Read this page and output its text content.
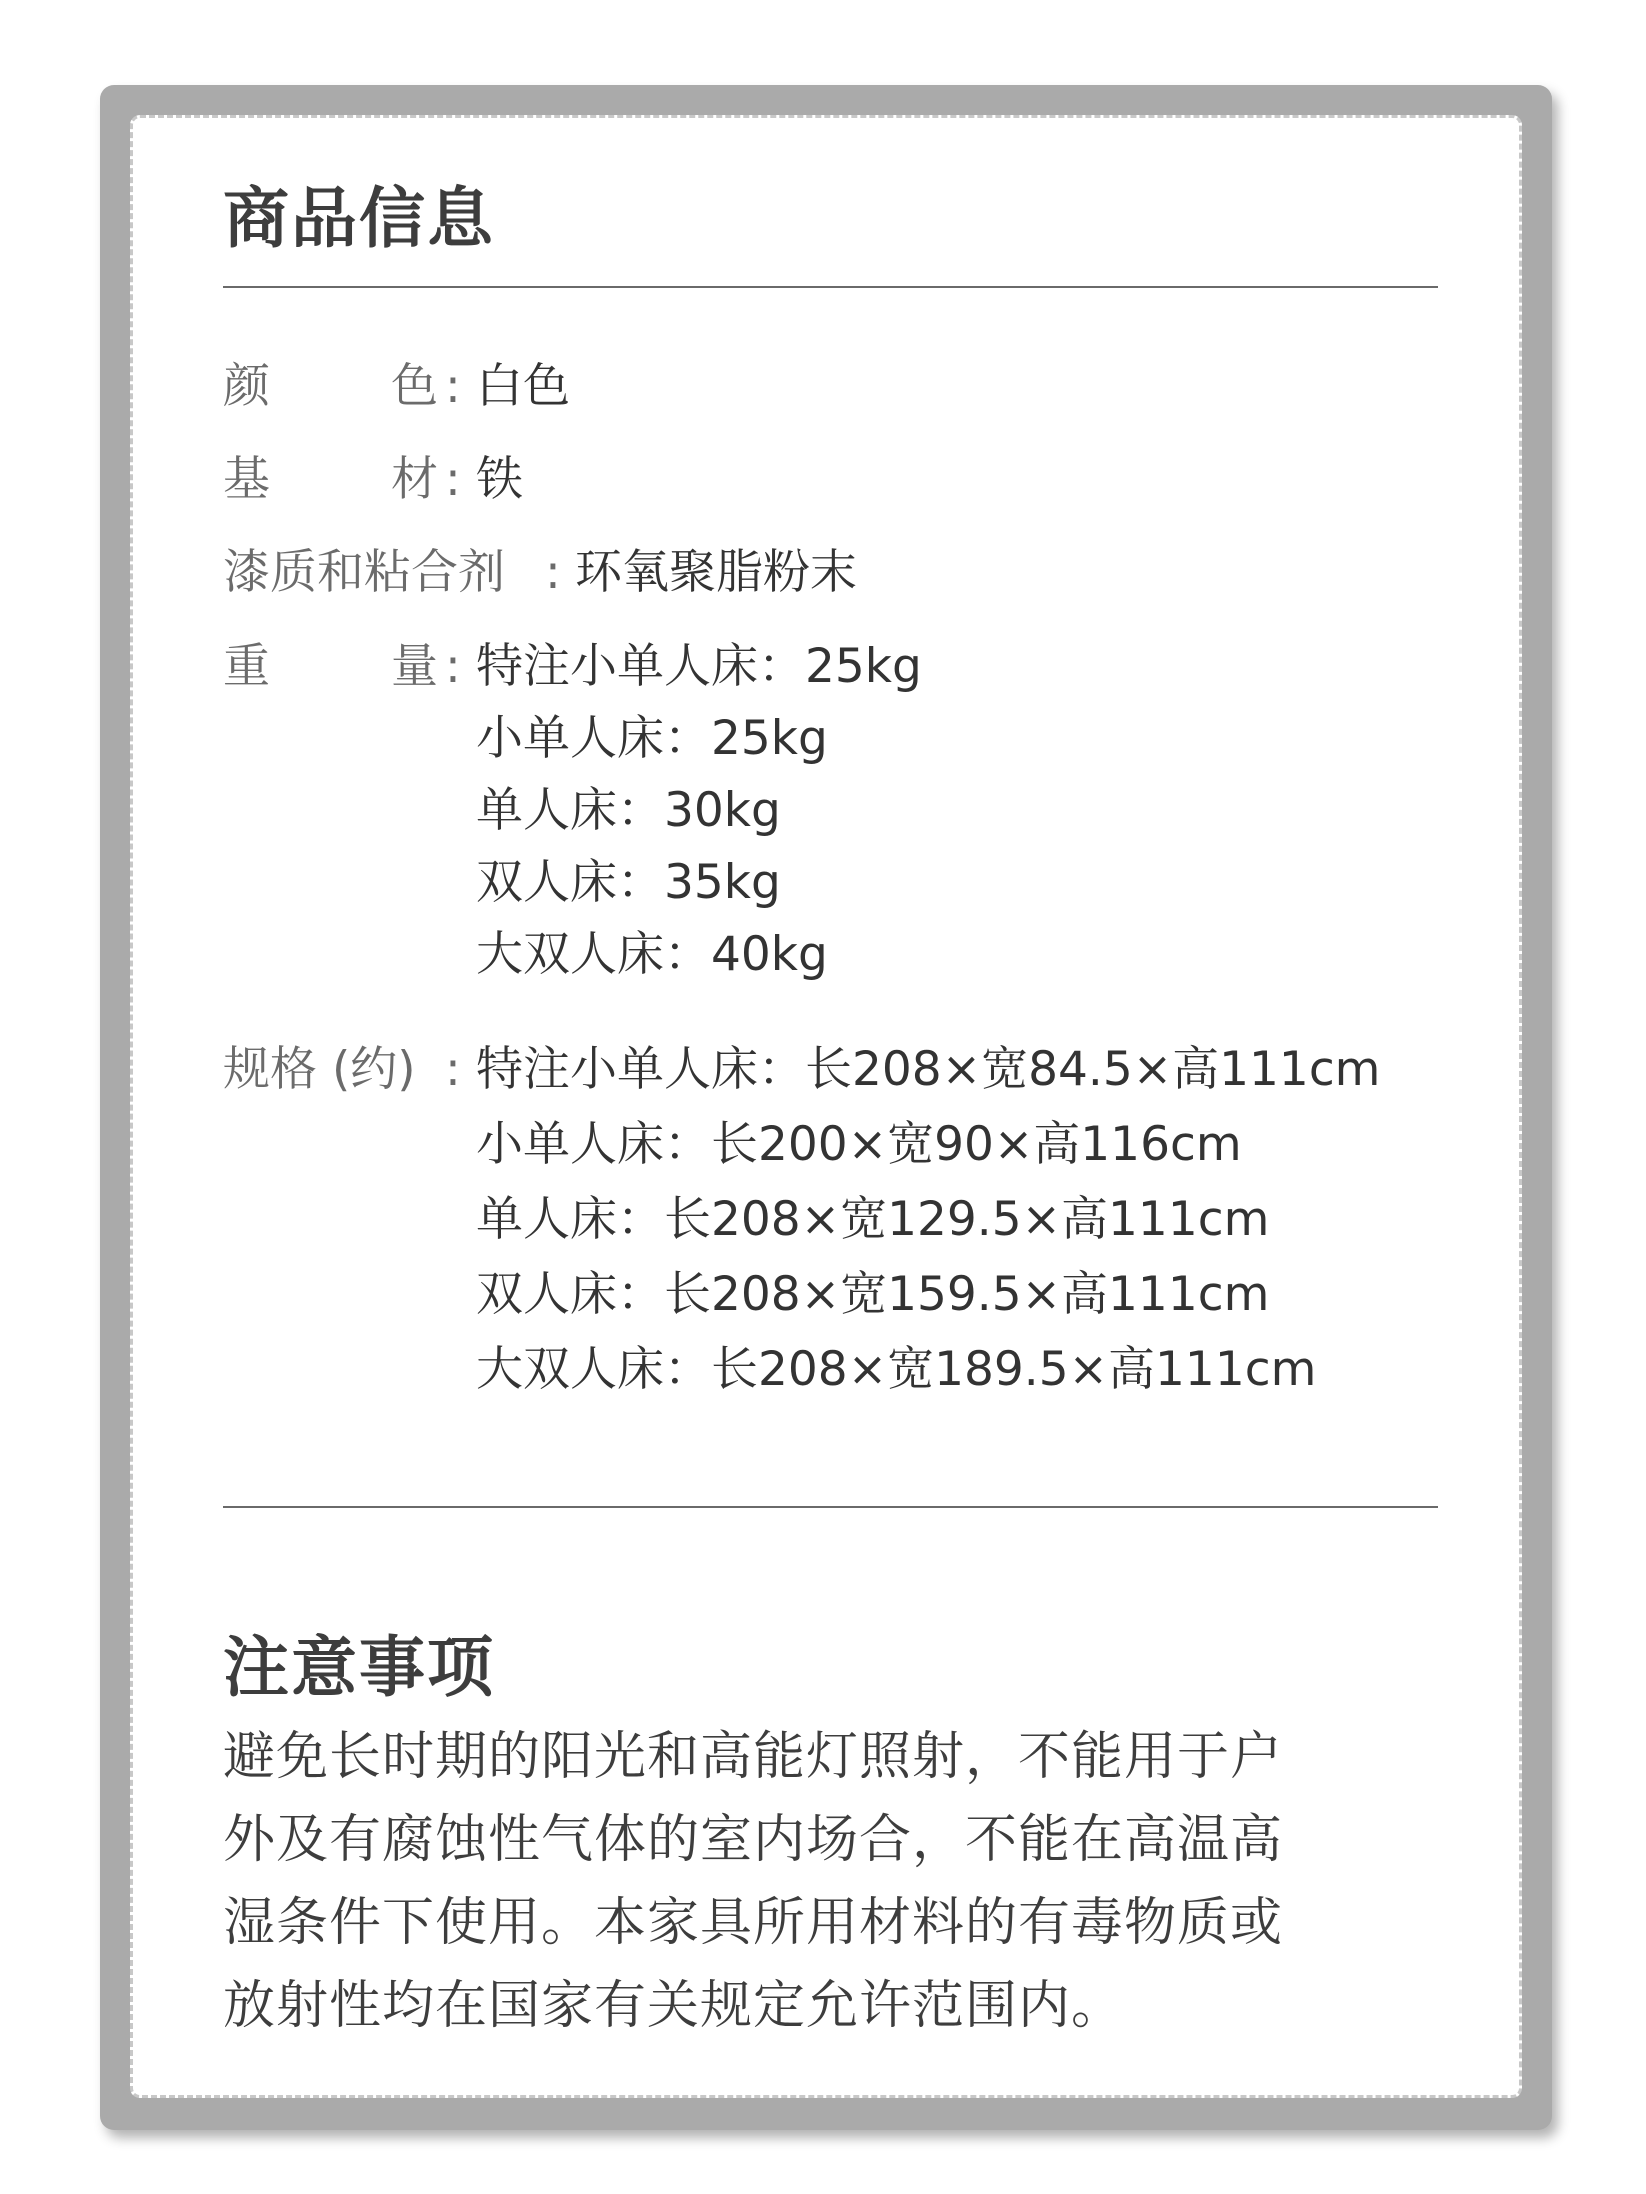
商品信息
颜	色 : 白色
基	材 : 铁
漆质和粘合剂 : 环氧聚脂粉末
重	量 : 特注小单人床：25kg
小单人床：25kg
单人床：30kg
双人床：35kg
大双人床：40kg
规格 (约) : 特注小单人床：长208×宽84.5×高111cm
小单人床：长200×宽90×高116cm
单人床：长208×宽129.5×高111cm
双人床：长208×宽159.5×高111cm
大双人床：长208×宽189.5×高111cm
注意事项
避免长时期的阳光和高能灯照射，不能用于户
外及有腐蚀性气体的室内场合，不能在高温高
湿条件下使用。本家具所用材料的有毒物质或
放射性均在国家有关规定允许范围内。
